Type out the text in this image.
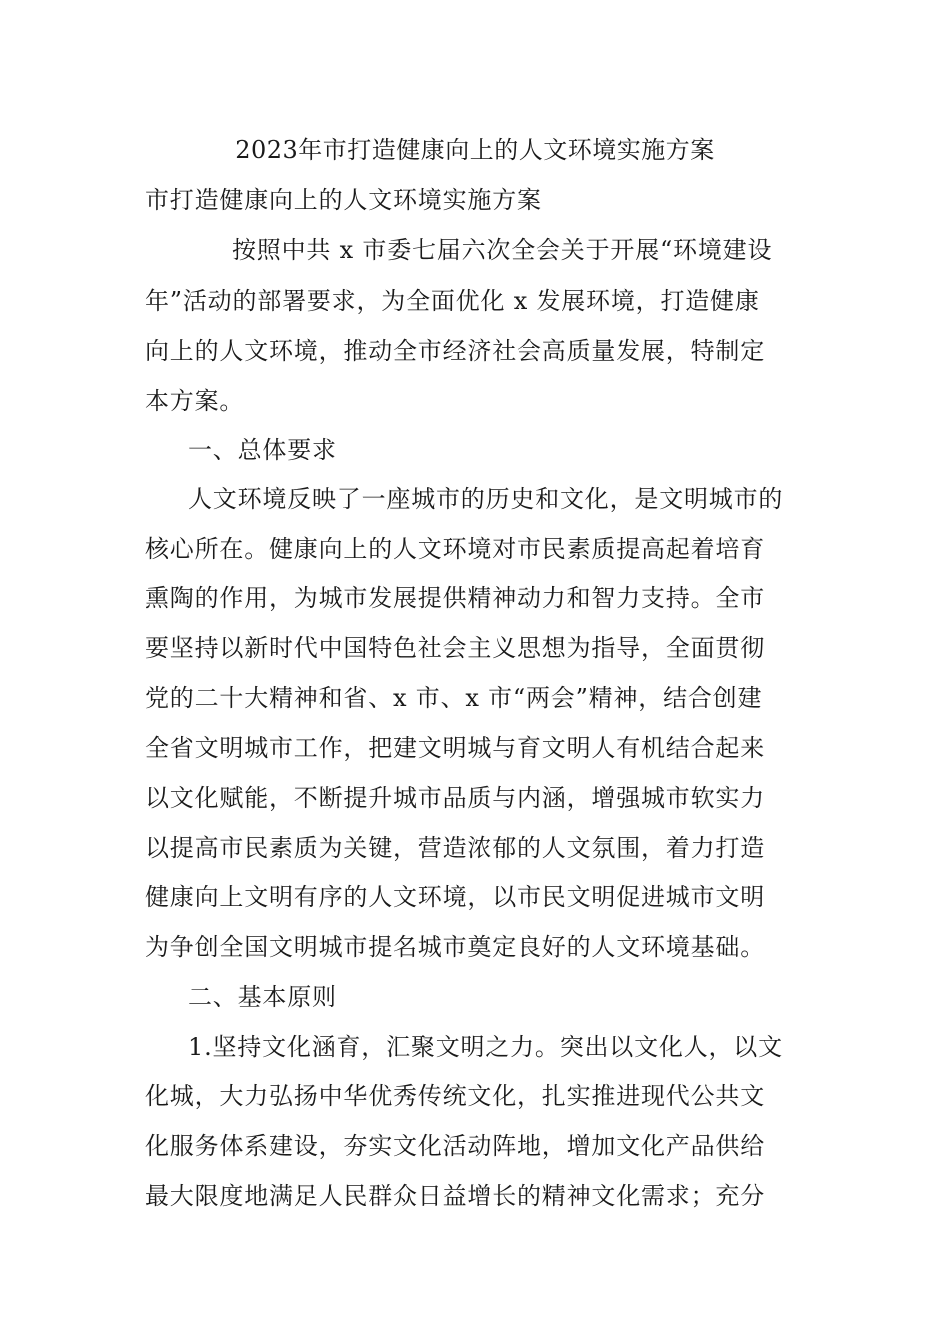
2023年市打造健康向上的人文环境实施方案
市打造健康向上的人文环境实施方案
按照中共 x 市委七届六次全会关于开展“环境建设
年”活动的部署要求，为全面优化 x 发展环境，打造健康
向上的人文环境，推动全市经济社会高质量发展，特制定
本方案。
一、总体要求
人文环境反映了一座城市的历史和文化，是文明城市的
核心所在。健康向上的人文环境对市民素质提高起着培育
熏陶的作用，为城市发展提供精神动力和智力支持。全市
要坚持以新时代中国特色社会主义思想为指导，全面贯彻
党的二十大精神和省、x 市、x 市“两会”精神，结合创建
全省文明城市工作，把建文明城与育文明人有机结合起来
以文化赋能，不断提升城市品质与内涵，增强城市软实力
以提高市民素质为关键，营造浓郁的人文氛围，着力打造
健康向上文明有序的人文环境，以市民文明促进城市文明
为争创全国文明城市提名城市奠定良好的人文环境基础。
二、基本原则
1.坚持文化涵育，汇聚文明之力。突出以文化人，以文
化城，大力弘扬中华优秀传统文化，扎实推进现代公共文
化服务体系建设，夯实文化活动阵地，增加文化产品供给
最大限度地满足人民群众日益增长的精神文化需求；充分
